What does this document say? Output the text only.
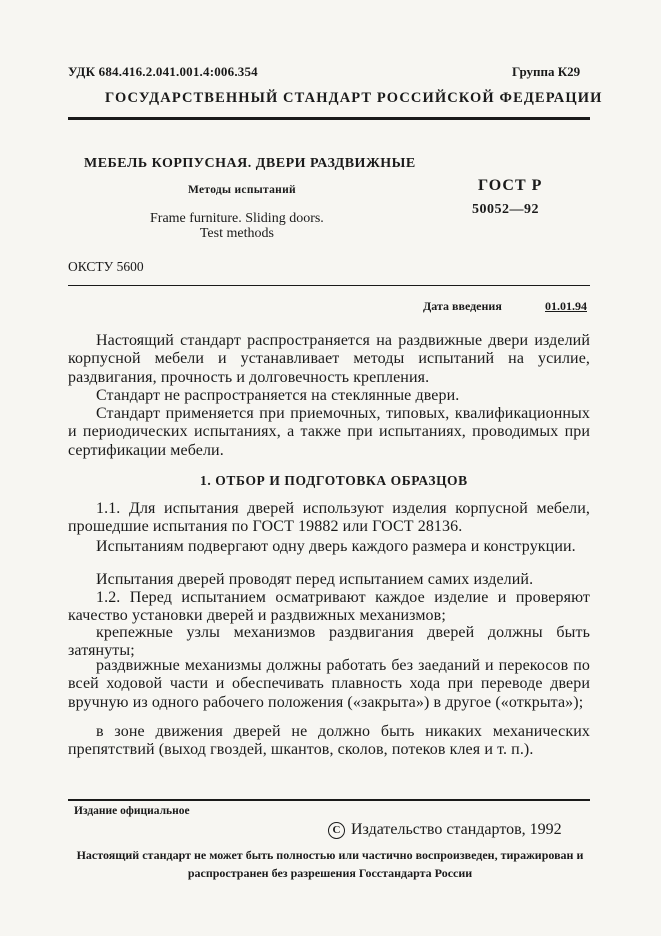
УДК 684.416.2.041.001.4:006.354	Группа К29
ГОСУДАРСТВЕННЫЙ СТАНДАРТ РОССИЙСКОЙ ФЕДЕРАЦИИ
МЕБЕЛЬ КОРПУСНАЯ. ДВЕРИ РАЗДВИЖНЫЕ
Методы испытаний
Frame furniture. Sliding doors.
Test methods
ГОСТ Р
50052—92
ОКСТУ 5600
Дата введения	01.01.94
Настоящий стандарт распространяется на раздвижные двери изделий корпусной мебели и устанавливает методы испытаний на усилие, раздвигания, прочность и долговечность крепления.
Стандарт не распространяется на стеклянные двери.
Стандарт применяется при приемочных, типовых, квалификационных и периодических испытаниях, а также при испытаниях, проводимых при сертификации мебели.
1. ОТБОР И ПОДГОТОВКА ОБРАЗЦОВ
1.1. Для испытания дверей используют изделия корпусной мебели, прошедшие испытания по ГОСТ 19882 или ГОСТ 28136.
Испытаниям подвергают одну дверь каждого размера и конструкции.
Испытания дверей проводят перед испытанием самих изделий.
1.2. Перед испытанием осматривают каждое изделие и проверяют качество установки дверей и раздвижных механизмов;
крепежные узлы механизмов раздвигания дверей должны быть затянуты;
раздвижные механизмы должны работать без заеданий и перекосов по всей ходовой части и обеспечивать плавность хода при переводе двери вручную из одного рабочего положения («закрыта») в другое («открыта»);
в зоне движения дверей не должно быть никаких механических препятствий (выход гвоздей, шкантов, сколов, потеков клея и т. п.).
Издание официальное
C Издательство стандартов, 1992
Настоящий стандарт не может быть полностью или частично воспроизведен, тиражирован и распространен без разрешения Госстандарта России
